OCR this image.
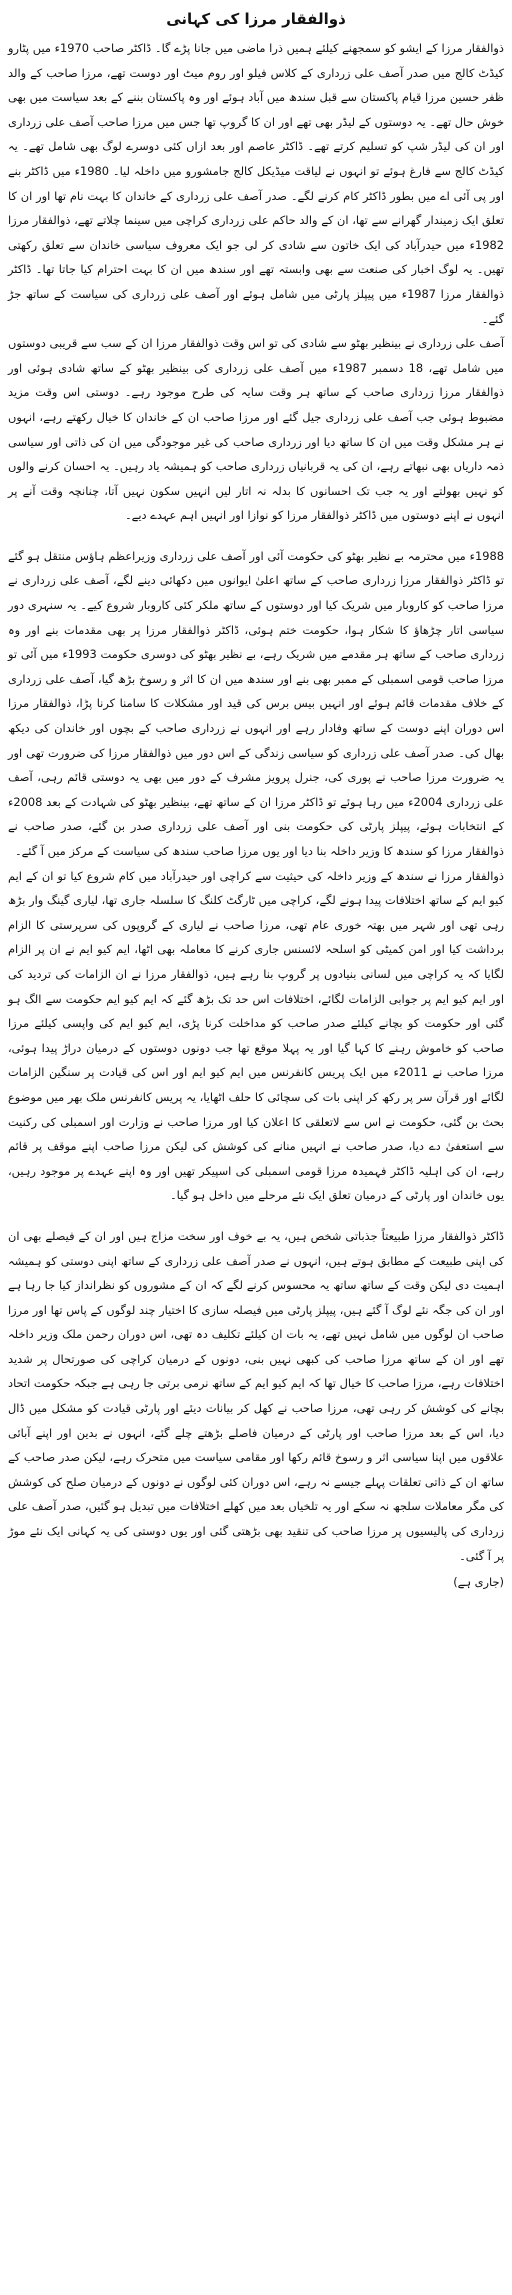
ذوالفقار مرزا کی کہانی

ذوالفقار مرزا کے ایشو کو سمجھنے کیلئے ہمیں ذرا ماضی میں جانا پڑے گا۔ ڈاکٹر صاحب 1970ء میں پٹارو کیڈٹ کالج میں صدر آصف علی زرداری کے کلاس فیلو اور روم میٹ اور دوست تھے، مرزا صاحب کے والد ظفر حسین مرزا قیام پاکستان سے قبل سندھ میں آباد ہوئے اور وہ پاکستان بننے کے بعد سیاست میں بھی خوش حال تھے۔ یہ دوستوں کے لیڈر بھی تھے اور ان کا گروپ تھا جس میں مرزا صاحب آصف علی زرداری اور ان کی لیڈر شپ کو تسلیم کرتے تھے۔ ڈاکٹر عاصم اور بعد ازاں کئی دوسرے لوگ بھی شامل تھے۔ یہ کیڈٹ کالج سے فارغ ہوئے تو انہوں نے لیاقت میڈیکل کالج جامشورو میں داخلہ لیا۔ 1980ء میں ڈاکٹر بنے اور پی آئی اے میں بطور ڈاکٹر کام کرنے لگے۔ صدر آصف علی زرداری کے خاندان کا بہت نام تھا اور ان کا تعلق ایک زمیندار گھرانے سے تھا، ان کے والد حاکم علی زرداری کراچی میں سینما چلاتے تھے، ذوالفقار مرزا 1982ء میں حیدرآباد کی ایک خاتون سے شادی کر لی جو ایک معروف سیاسی خاندان سے تعلق رکھتی تھیں۔ یہ لوگ اخبار کی صنعت سے بھی وابستہ تھے اور سندھ میں ان کا بہت احترام کیا جاتا تھا۔ ڈاکٹر ذوالفقار مرزا 1987ء میں پیپلز پارٹی میں شامل ہوئے اور آصف علی زرداری کی سیاست کے ساتھ جڑ گئے۔

آصف علی زرداری نے بینظیر بھٹو سے شادی کی تو اس وقت ذوالفقار مرزا ان کے سب سے قریبی دوستوں میں شامل تھے، 18 دسمبر 1987ء میں آصف علی زرداری کی بینظیر بھٹو کے ساتھ شادی ہوئی اور ذوالفقار مرزا زرداری صاحب کے ساتھ ہر وقت سایہ کی طرح موجود رہے۔ دوستی اس وقت مزید مضبوط ہوئی جب آصف علی زرداری جیل گئے اور مرزا صاحب ان کے خاندان کا خیال رکھتے رہے، انہوں نے ہر مشکل وقت میں ان کا ساتھ دیا اور زرداری صاحب کی غیر موجودگی میں ان کی ذاتی اور سیاسی ذمہ داریاں بھی نبھاتے رہے، ان کی یہ قربانیاں زرداری صاحب کو ہمیشہ یاد رہیں۔ یہ احسان کرنے والوں کو نہیں بھولتے اور یہ جب تک احسانوں کا بدلہ نہ اتار لیں انہیں سکون نہیں آتا، چنانچہ وقت آنے پر انہوں نے اپنے دوستوں میں ڈاکٹر ذوالفقار مرزا کو نوازا اور انہیں اہم عہدے دیے۔

1988ء میں محترمہ بے نظیر بھٹو کی حکومت آئی اور آصف علی زرداری وزیراعظم ہاؤس منتقل ہو گئے تو ڈاکٹر ذوالفقار مرزا زرداری صاحب کے ساتھ اعلیٰ ایوانوں میں دکھائی دینے لگے، آصف علی زرداری نے مرزا صاحب کو کاروبار میں شریک کیا اور دوستوں کے ساتھ ملکر کئی کاروبار شروع کیے۔ یہ سنہری دور سیاسی اتار چڑھاؤ کا شکار ہوا، حکومت ختم ہوئی، ڈاکٹر ذوالفقار مرزا پر بھی مقدمات بنے اور وہ زرداری صاحب کے ساتھ ہر مقدمے میں شریک رہے، بے نظیر بھٹو کی دوسری حکومت 1993ء میں آئی تو مرزا صاحب قومی اسمبلی کے ممبر بھی بنے اور سندھ میں ان کا اثر و رسوخ بڑھ گیا، آصف علی زرداری کے خلاف مقدمات قائم ہوئے اور انہیں بیس برس کی قید اور مشکلات کا سامنا کرنا پڑا، ذوالفقار مرزا اس دوران اپنے دوست کے ساتھ وفادار رہے اور انہوں نے زرداری صاحب کے بچوں اور خاندان کی دیکھ بھال کی۔ صدر آصف علی زرداری کو سیاسی زندگی کے اس دور میں ذوالفقار مرزا کی ضرورت تھی اور یہ ضرورت مرزا صاحب نے پوری کی، جنرل پرویز مشرف کے دور میں بھی یہ دوستی قائم رہی، آصف علی زرداری 2004ء میں رہا ہوئے تو ڈاکٹر مرزا ان کے ساتھ تھے، بینظیر بھٹو کی شہادت کے بعد 2008ء کے انتخابات ہوئے، پیپلز پارٹی کی حکومت بنی اور آصف علی زرداری صدر بن گئے، صدر صاحب نے ذوالفقار مرزا کو سندھ کا وزیر داخلہ بنا دیا اور یوں مرزا صاحب سندھ کی سیاست کے مرکز میں آ گئے۔

ذوالفقار مرزا نے سندھ کے وزیر داخلہ کی حیثیت سے کراچی اور حیدرآباد میں کام شروع کیا تو ان کے ایم کیو ایم کے ساتھ اختلافات پیدا ہونے لگے، کراچی میں ٹارگٹ کلنگ کا سلسلہ جاری تھا، لیاری گینگ وار بڑھ رہی تھی اور شہر میں بھتہ خوری عام تھی، مرزا صاحب نے لیاری کے گروپوں کی سرپرستی کا الزام برداشت کیا اور امن کمیٹی کو اسلحہ لائسنس جاری کرنے کا معاملہ بھی اٹھا، ایم کیو ایم نے ان پر الزام لگایا کہ یہ کراچی میں لسانی بنیادوں پر گروپ بنا رہے ہیں، ذوالفقار مرزا نے ان الزامات کی تردید کی اور ایم کیو ایم پر جوابی الزامات لگائے، اختلافات اس حد تک بڑھ گئے کہ ایم کیو ایم حکومت سے الگ ہو گئی اور حکومت کو بچانے کیلئے صدر صاحب کو مداخلت کرنا پڑی، ایم کیو ایم کی واپسی کیلئے مرزا صاحب کو خاموش رہنے کا کہا گیا اور یہ پہلا موقع تھا جب دونوں دوستوں کے درمیان دراڑ پیدا ہوئی، مرزا صاحب نے 2011ء میں ایک پریس کانفرنس میں ایم کیو ایم اور اس کی قیادت پر سنگین الزامات لگائے اور قرآن سر پر رکھ کر اپنی بات کی سچائی کا حلف اٹھایا، یہ پریس کانفرنس ملک بھر میں موضوع بحث بن گئی، حکومت نے اس سے لاتعلقی کا اعلان کیا اور مرزا صاحب نے وزارت اور اسمبلی کی رکنیت سے استعفیٰ دے دیا، صدر صاحب نے انہیں منانے کی کوشش کی لیکن مرزا صاحب اپنے موقف پر قائم رہے، ان کی اہلیہ ڈاکٹر فہمیدہ مرزا قومی اسمبلی کی اسپیکر تھیں اور وہ اپنے عہدے پر موجود رہیں، یوں خاندان اور پارٹی کے درمیان تعلق ایک نئے مرحلے میں داخل ہو گیا۔

ڈاکٹر ذوالفقار مرزا طبیعتاً جذباتی شخص ہیں، یہ بے خوف اور سخت مزاج ہیں اور ان کے فیصلے بھی ان کی اپنی طبیعت کے مطابق ہوتے ہیں، انہوں نے صدر آصف علی زرداری کے ساتھ اپنی دوستی کو ہمیشہ اہمیت دی لیکن وقت کے ساتھ ساتھ یہ محسوس کرنے لگے کہ ان کے مشوروں کو نظرانداز کیا جا رہا ہے اور ان کی جگہ نئے لوگ آ گئے ہیں، پیپلز پارٹی میں فیصلہ سازی کا اختیار چند لوگوں کے پاس تھا اور مرزا صاحب ان لوگوں میں شامل نہیں تھے، یہ بات ان کیلئے تکلیف دہ تھی، اس دوران رحمن ملک وزیر داخلہ تھے اور ان کے ساتھ مرزا صاحب کی کبھی نہیں بنی، دونوں کے درمیان کراچی کی صورتحال پر شدید اختلافات رہے، مرزا صاحب کا خیال تھا کہ ایم کیو ایم کے ساتھ نرمی برتی جا رہی ہے جبکہ حکومت اتحاد بچانے کی کوشش کر رہی تھی، مرزا صاحب نے کھل کر بیانات دیئے اور پارٹی قیادت کو مشکل میں ڈال دیا، اس کے بعد مرزا صاحب اور پارٹی کے درمیان فاصلے بڑھتے چلے گئے، انہوں نے بدین اور اپنے آبائی علاقوں میں اپنا سیاسی اثر و رسوخ قائم رکھا اور مقامی سیاست میں متحرک رہے، لیکن صدر صاحب کے ساتھ ان کے ذاتی تعلقات پہلے جیسے نہ رہے، اس دوران کئی لوگوں نے دونوں کے درمیان صلح کی کوشش کی مگر معاملات سلجھ نہ سکے اور یہ تلخیاں بعد میں کھلے اختلافات میں تبدیل ہو گئیں، صدر آصف علی زرداری کی پالیسیوں پر مرزا صاحب کی تنقید بھی بڑھتی گئی اور یوں دوستی کی یہ کہانی ایک نئے موڑ پر آ گئی۔

(جاری ہے)
